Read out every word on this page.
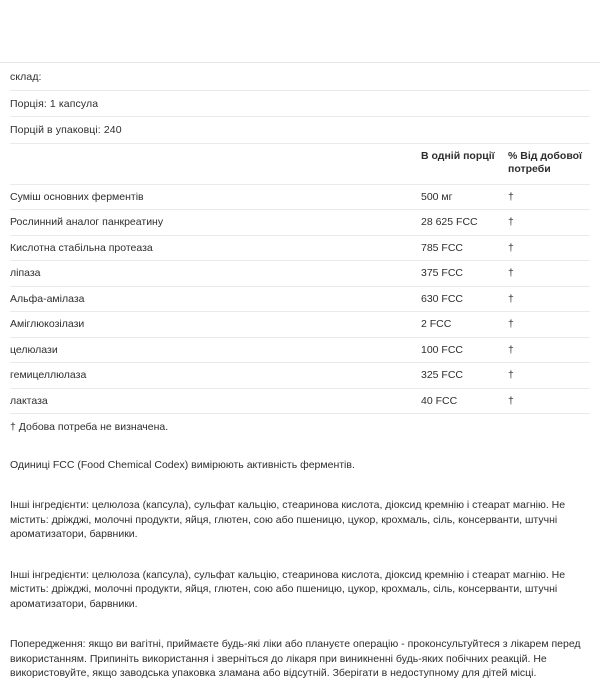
склад:
Порція: 1 капсула
Порцій в упаковці: 240
	В одній порції	% Від добової потреби
Суміш основних ферментів	500 мг	†
Рослинний аналог панкреатину	28 625 FCC	†
Кислотна стабільна протеаза	785 FCC	†
ліпаза	375 FCC	†
Альфа-амілаза	630 FCC	†
Аміглюкозілази	2 FCC	†
целюлази	100 FCC	†
гемицеллюлаза	325 FCC	†
лактаза	40 FCC	†
† Добова потреба не визначена.

Одиниці FCC (Food Chemical Codex) вимірюють активність ферментів.

Інші інгредієнти: целюлоза (капсула), сульфат кальцію, стеаринова кислота, діоксид кремнію і стеарат магнію. Не містить: дріжджі, молочні продукти, яйця, глютен, сою або пшеницю, цукор, крохмаль, сіль, консерванти, штучні ароматизатори, барвники.

Інші інгредієнти: целюлоза (капсула), сульфат кальцію, стеаринова кислота, діоксид кремнію і стеарат магнію. Не містить: дріжджі, молочні продукти, яйця, глютен, сою або пшеницю, цукор, крохмаль, сіль, консерванти, штучні ароматизатори, барвники.

Попередження: якщо ви вагітні, приймаєте будь-які ліки або плануєте операцію - проконсультуйтеся з лікарем перед використанням. Припиніть використання і зверніться до лікаря при виникненні будь-яких побічних реакцій. Не використовуйте, якщо заводська упаковка зламана або відсутній. Зберігати в недоступному для дітей місці.
